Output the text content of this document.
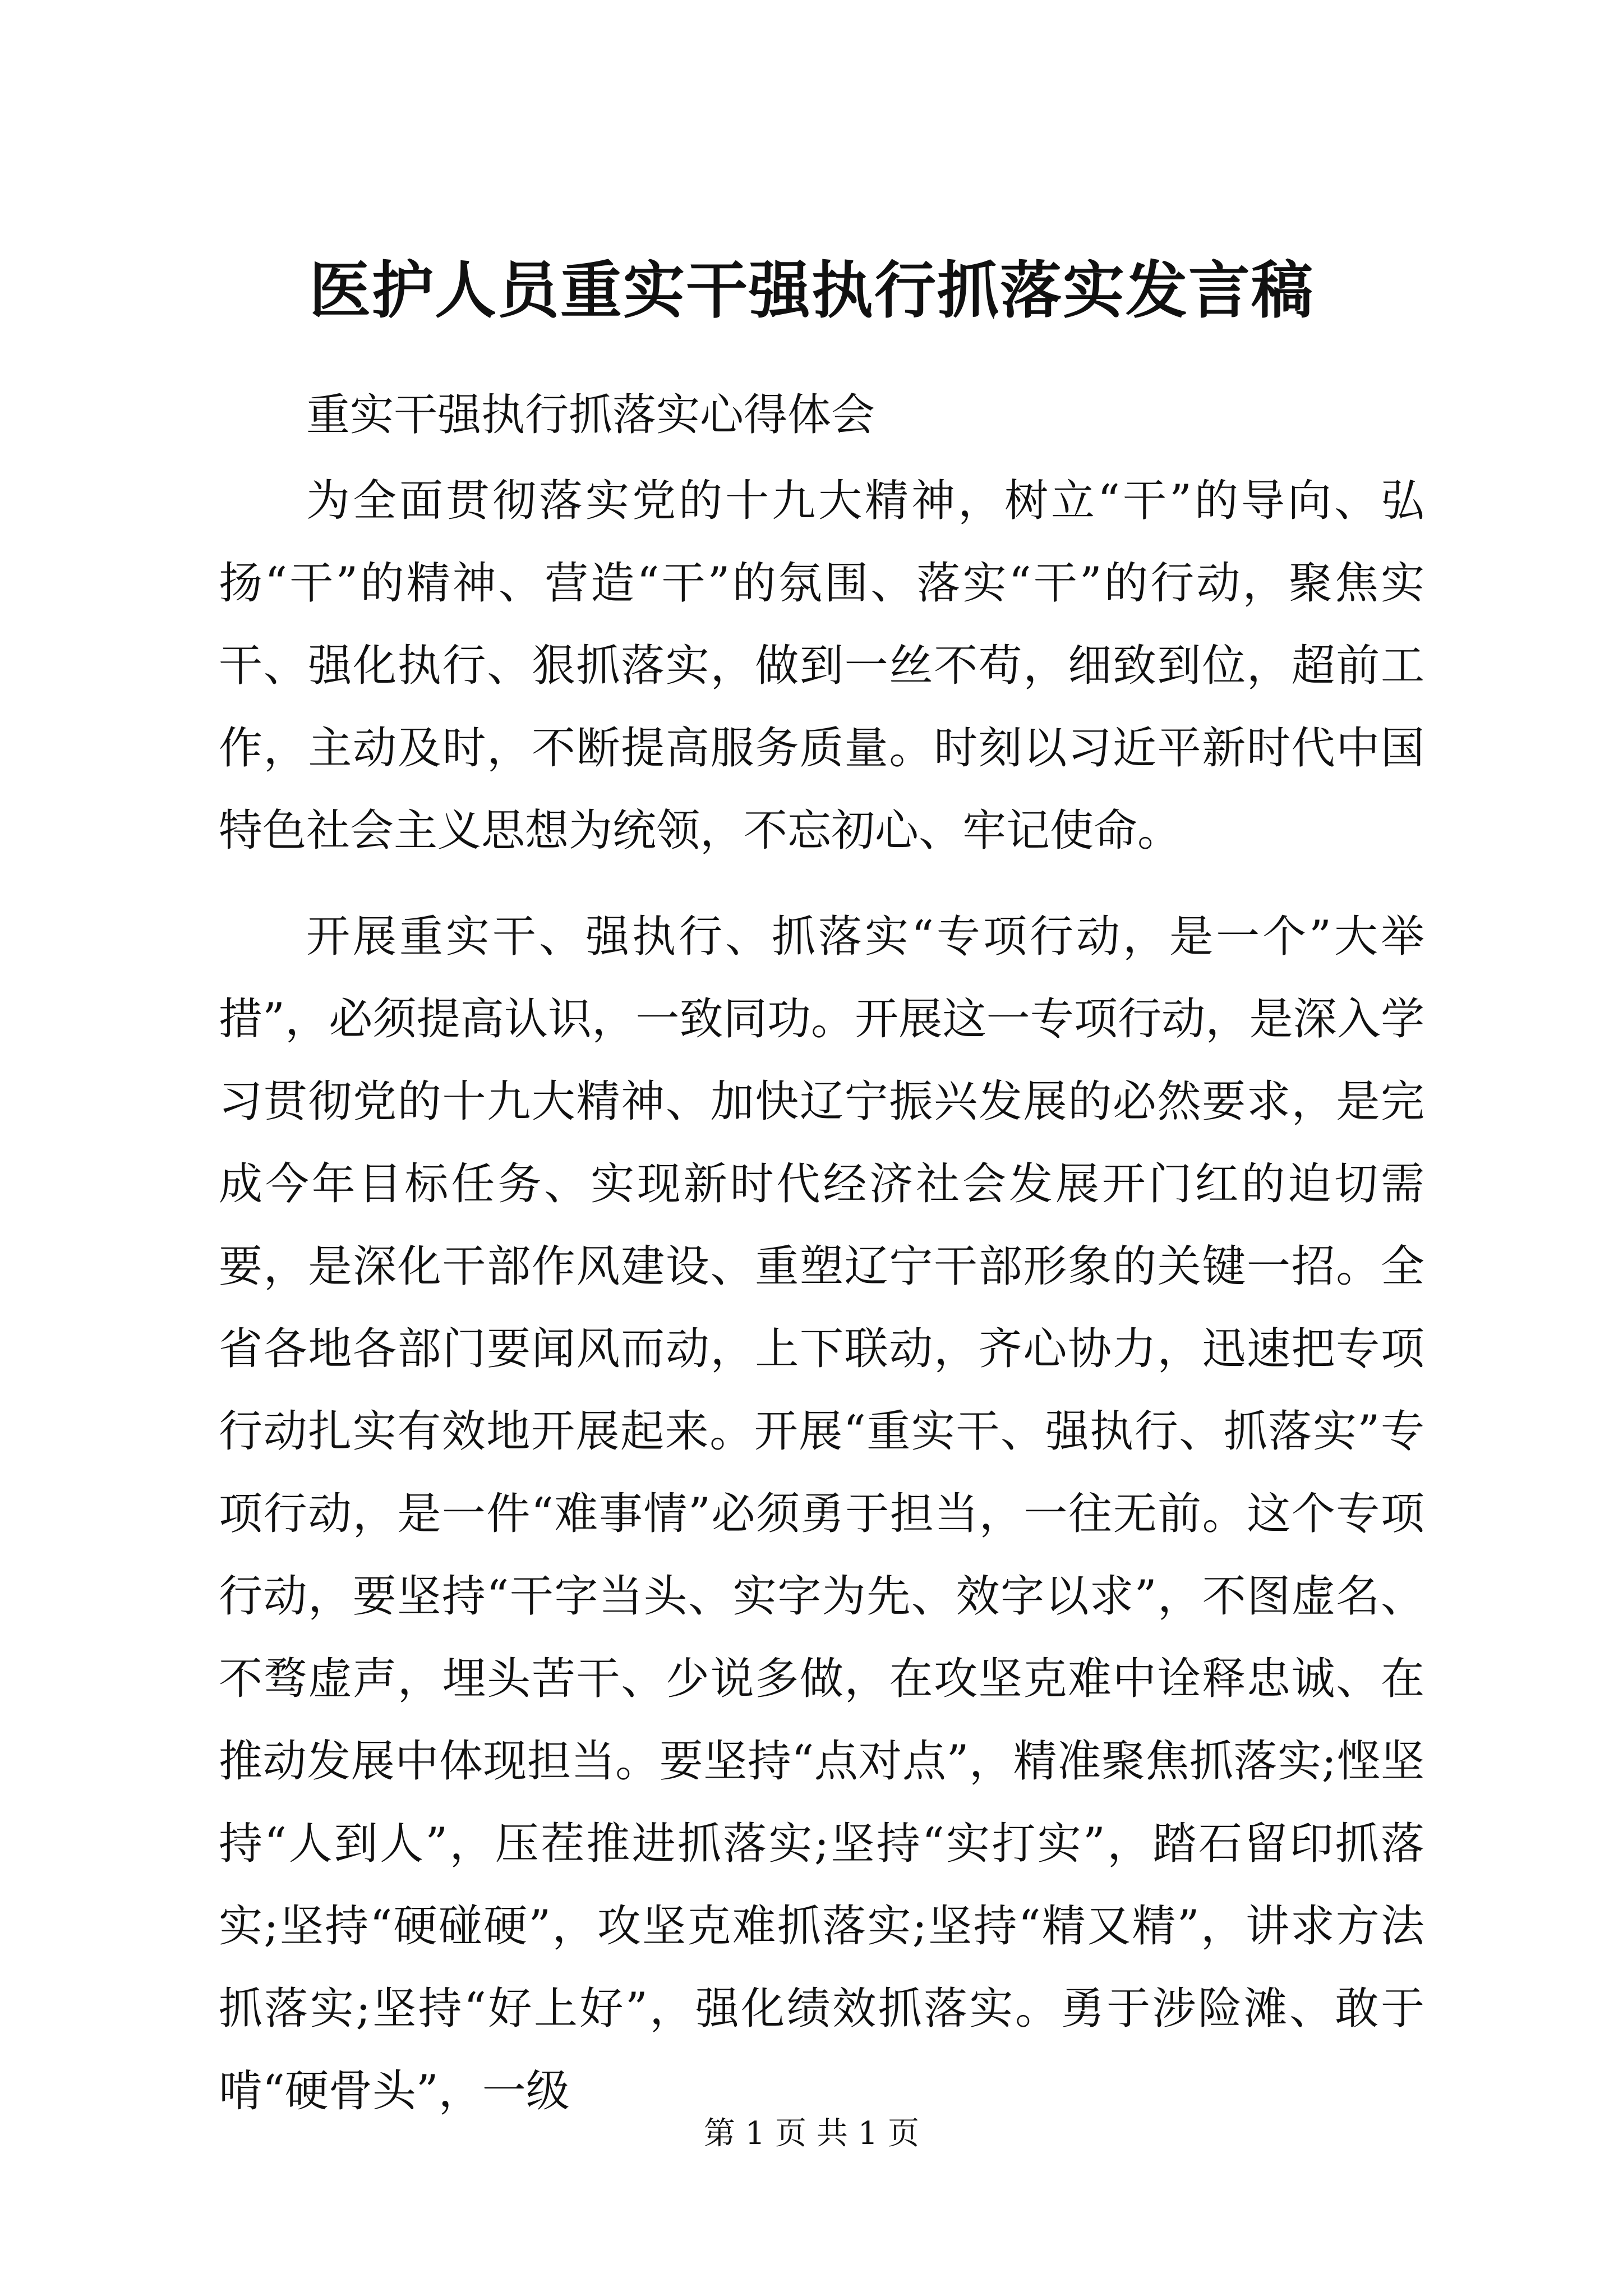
医护人员重实干强执行抓落实发言稿

重实干强执行抓落实心得体会

为全面贯彻落实党的十九大精神，树立“干”的导向、弘扬“干”的精神、营造“干”的氛围、落实“干”的行动，聚焦实干、强化执行、狠抓落实，做到一丝不苟，细致到位，超前工作，主动及时，不断提高服务质量。时刻以习近平新时代中国特色社会主义思想为统领，不忘初心、牢记使命。

开展重实干、强执行、抓落实“专项行动，是一个”大举措”，必须提高认识，一致同功。开展这一专项行动，是深入学习贯彻党的十九大精神、加快辽宁振兴发展的必然要求，是完成今年目标任务、实现新时代经济社会发展开门红的迫切需要，是深化干部作风建设、重塑辽宁干部形象的关键一招。全省各地各部门要闻风而动，上下联动，齐心协力，迅速把专项行动扎实有效地开展起来。开展“重实干、强执行、抓落实”专项行动，是一件“难事情”必须勇于担当，一往无前。这个专项行动，要坚持“干字当头、实字为先、效字以求”，不图虚名、不骛虚声，埋头苦干、少说多做，在攻坚克难中诠释忠诚、在推动发展中体现担当。要坚持“点对点”，精准聚焦抓落实;悭坚持“人到人”，压茬推进抓落实;坚持“实打实”，踏石留印抓落实;坚持“硬碰硬”，攻坚克难抓落实;坚持“精又精”，讲求方法抓落实;坚持“好上好”，强化绩效抓落实。勇于涉险滩、敢于啃“硬骨头”，一级

第 1 页 共 1 页
